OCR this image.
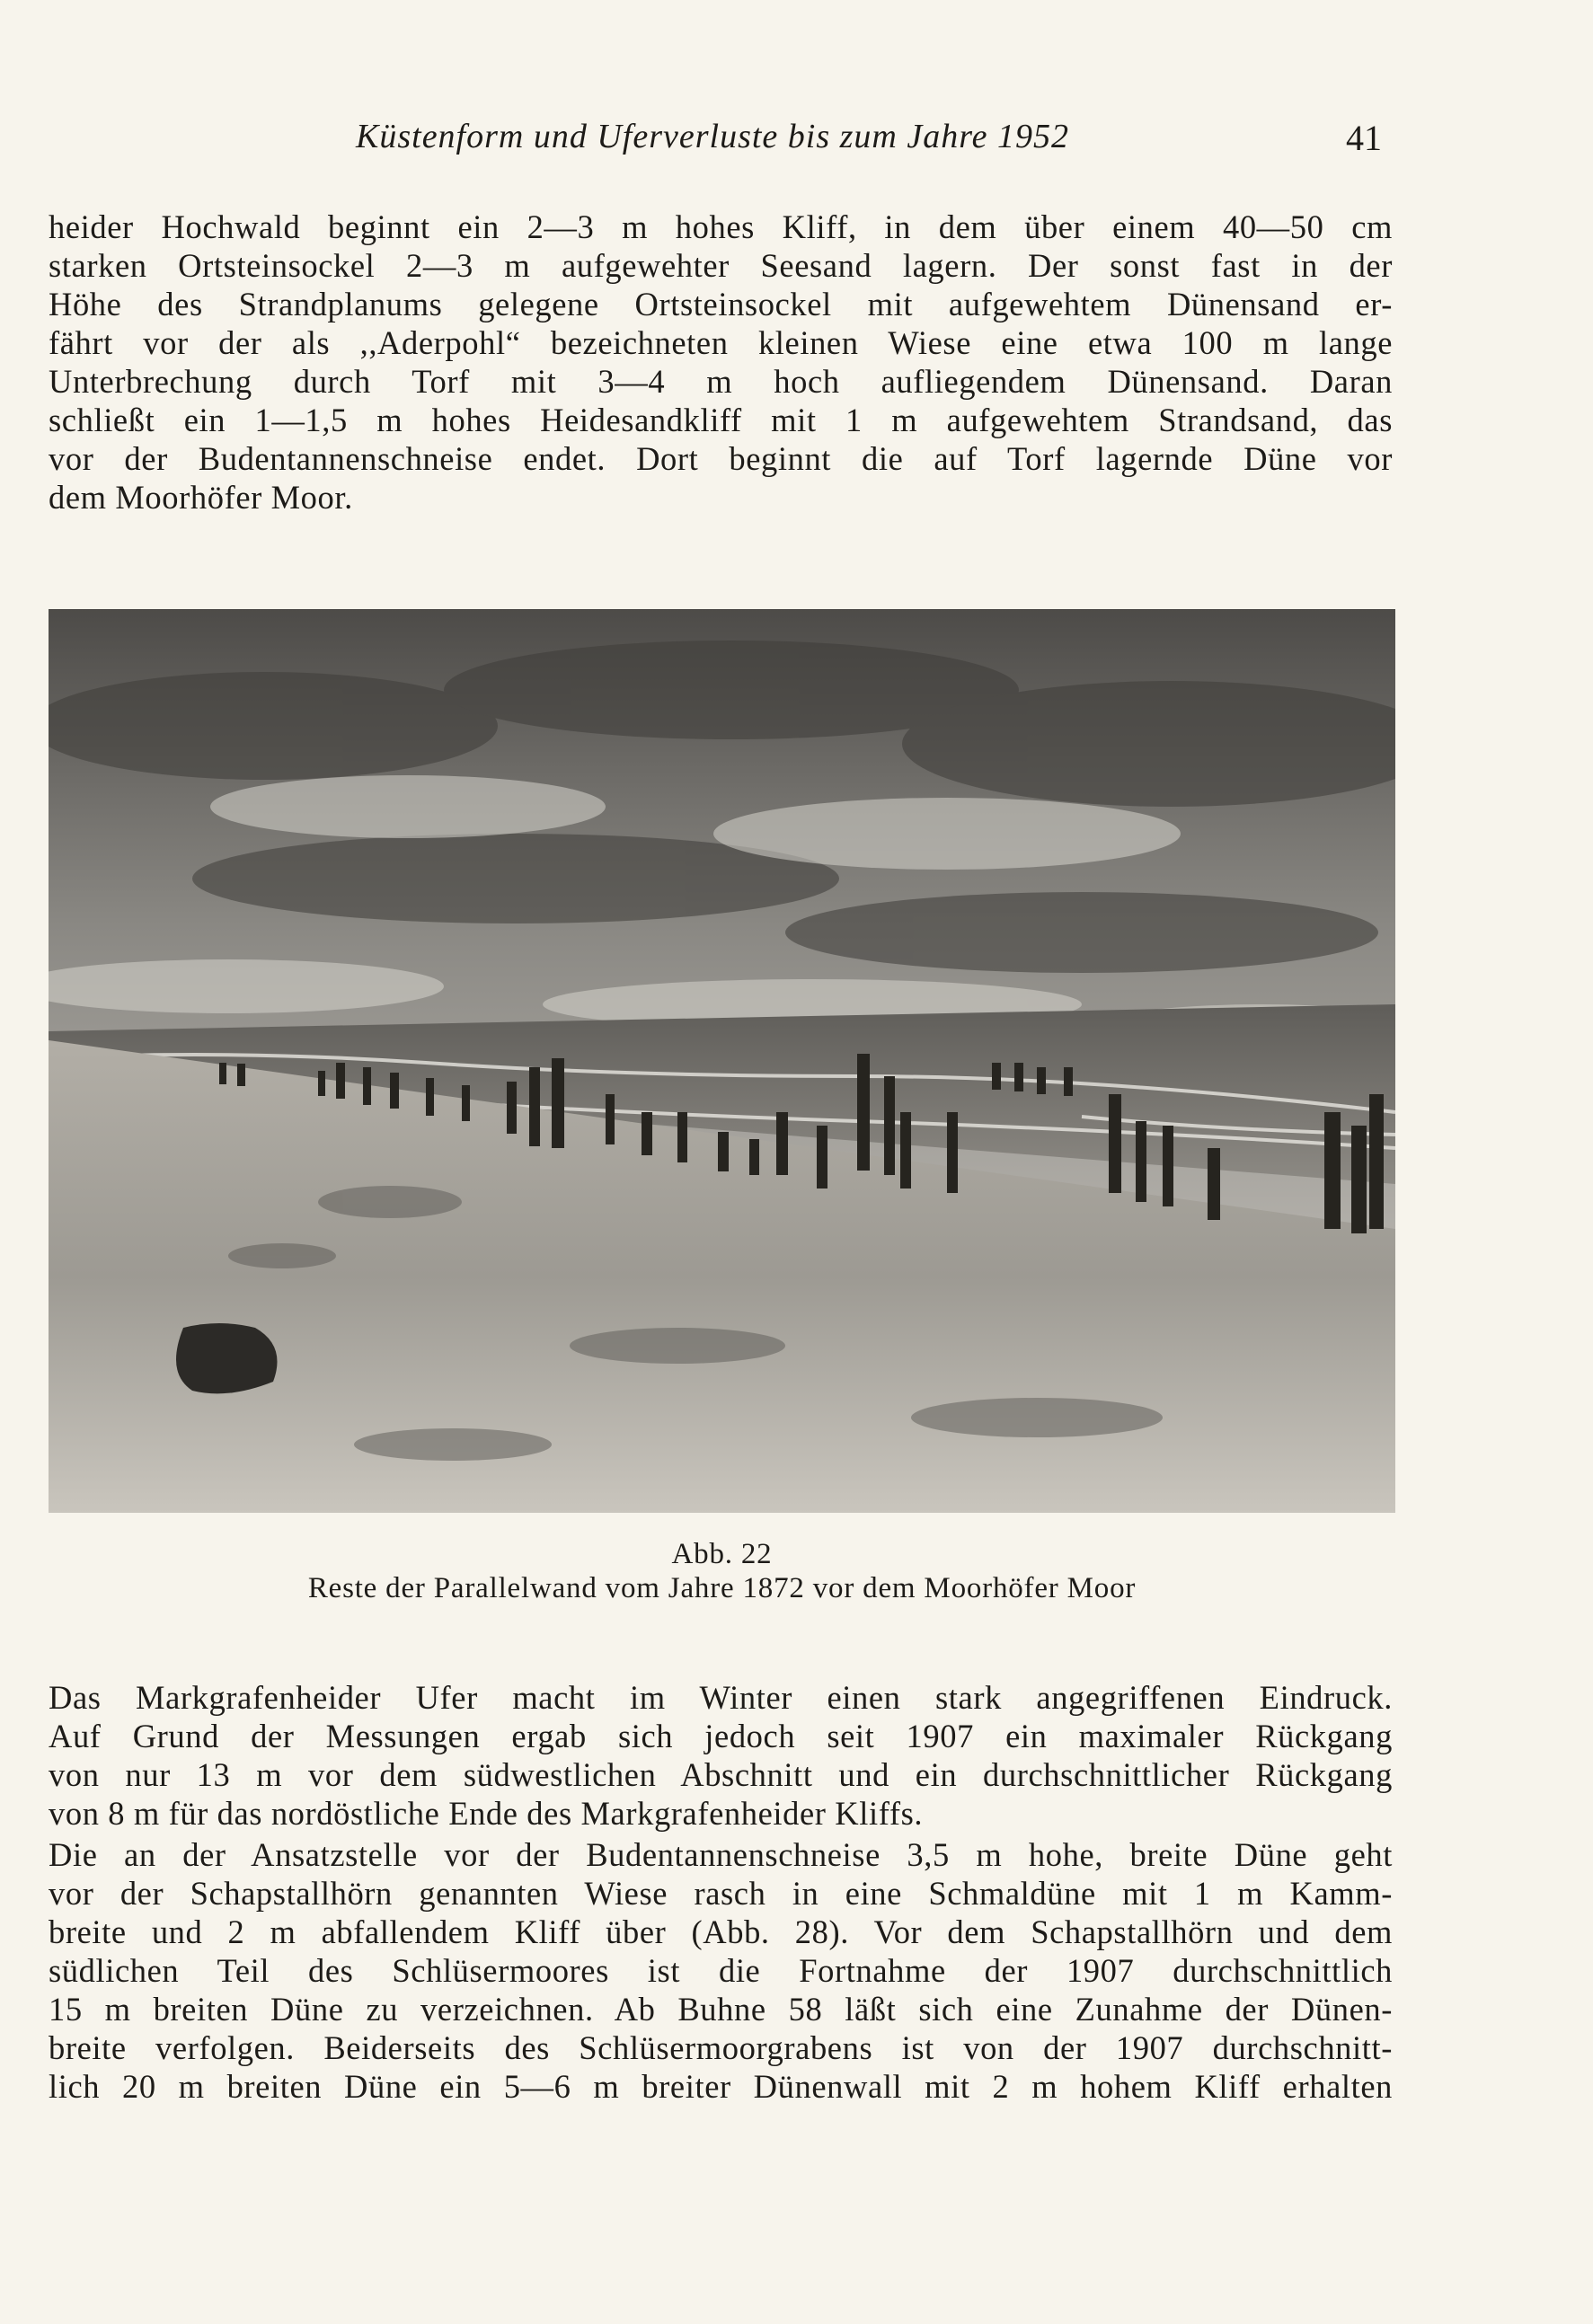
Küstenform und Uferverluste bis zum Jahre 1952	41
heider Hochwald beginnt ein 2—3 m hohes Kliff, in dem über einem 40—50 cm
starken Ortsteinsockel 2—3 m aufgewehter Seesand lagern. Der sonst fast in der
Höhe des Strandplanums gelegene Ortsteinsockel mit aufgewehtem Dünensand er-
fährt vor der als ,,Aderpohl“ bezeichneten kleinen Wiese eine etwa 100 m lange
Unterbrechung durch Torf mit 3—4 m hoch aufliegendem Dünensand. Daran
schließt ein 1—1,5 m hohes Heidesandkliff mit 1 m aufgewehtem Strandsand, das
vor der Budentannenschneise endet. Dort beginnt die auf Torf lagernde Düne vor
dem Moorhöfer Moor.
Abb. 22
Reste der Parallelwand vom Jahre 1872 vor dem Moorhöfer Moor
Das Markgrafenheider Ufer macht im Winter einen stark angegriffenen Eindruck.
Auf Grund der Messungen ergab sich jedoch seit 1907 ein maximaler Rückgang
von nur 13 m vor dem südwestlichen Abschnitt und ein durchschnittlicher Rückgang
von 8 m für das nordöstliche Ende des Markgrafenheider Kliffs.
Die an der Ansatzstelle vor der Budentannenschneise 3,5 m hohe, breite Düne geht
vor der Schapstallhörn genannten Wiese rasch in eine Schmaldüne mit 1 m Kamm-
breite und 2 m abfallendem Kliff über (Abb. 28). Vor dem Schapstallhörn und dem
südlichen Teil des Schlüsermoores ist die Fortnahme der 1907 durchschnittlich
15 m breiten Düne zu verzeichnen. Ab Buhne 58 läßt sich eine Zunahme der Dünen-
breite verfolgen. Beiderseits des Schlüsermoorgrabens ist von der 1907 durchschnitt-
lich 20 m breiten Düne ein 5—6 m breiter Dünenwall mit 2 m hohem Kliff erhalten
